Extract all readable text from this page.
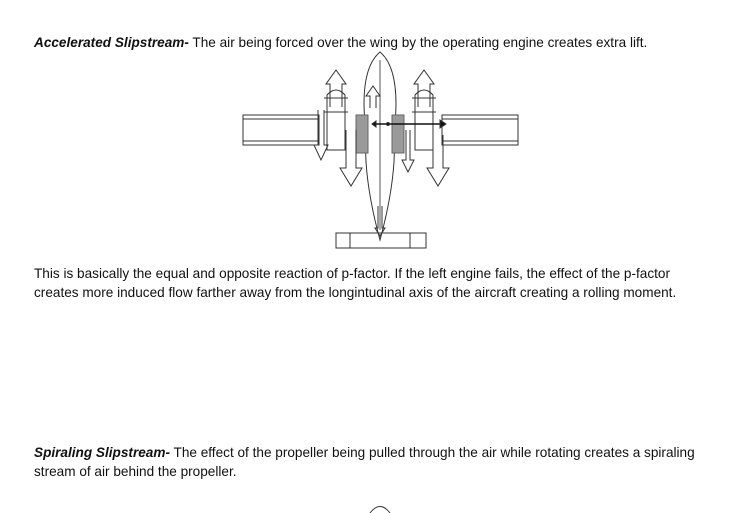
Accelerated Slipstream- The air being forced over the wing by the operating engine creates extra lift.
This is basically the equal and opposite reaction of p-factor. If the left engine fails, the effect of the p-factor creates more induced flow farther away from the longintudinal axis of the aircraft creating a rolling moment.
Spiraling Slipstream- The effect of the propeller being pulled through the air while rotating creates a spiraling stream of air behind the propeller.
